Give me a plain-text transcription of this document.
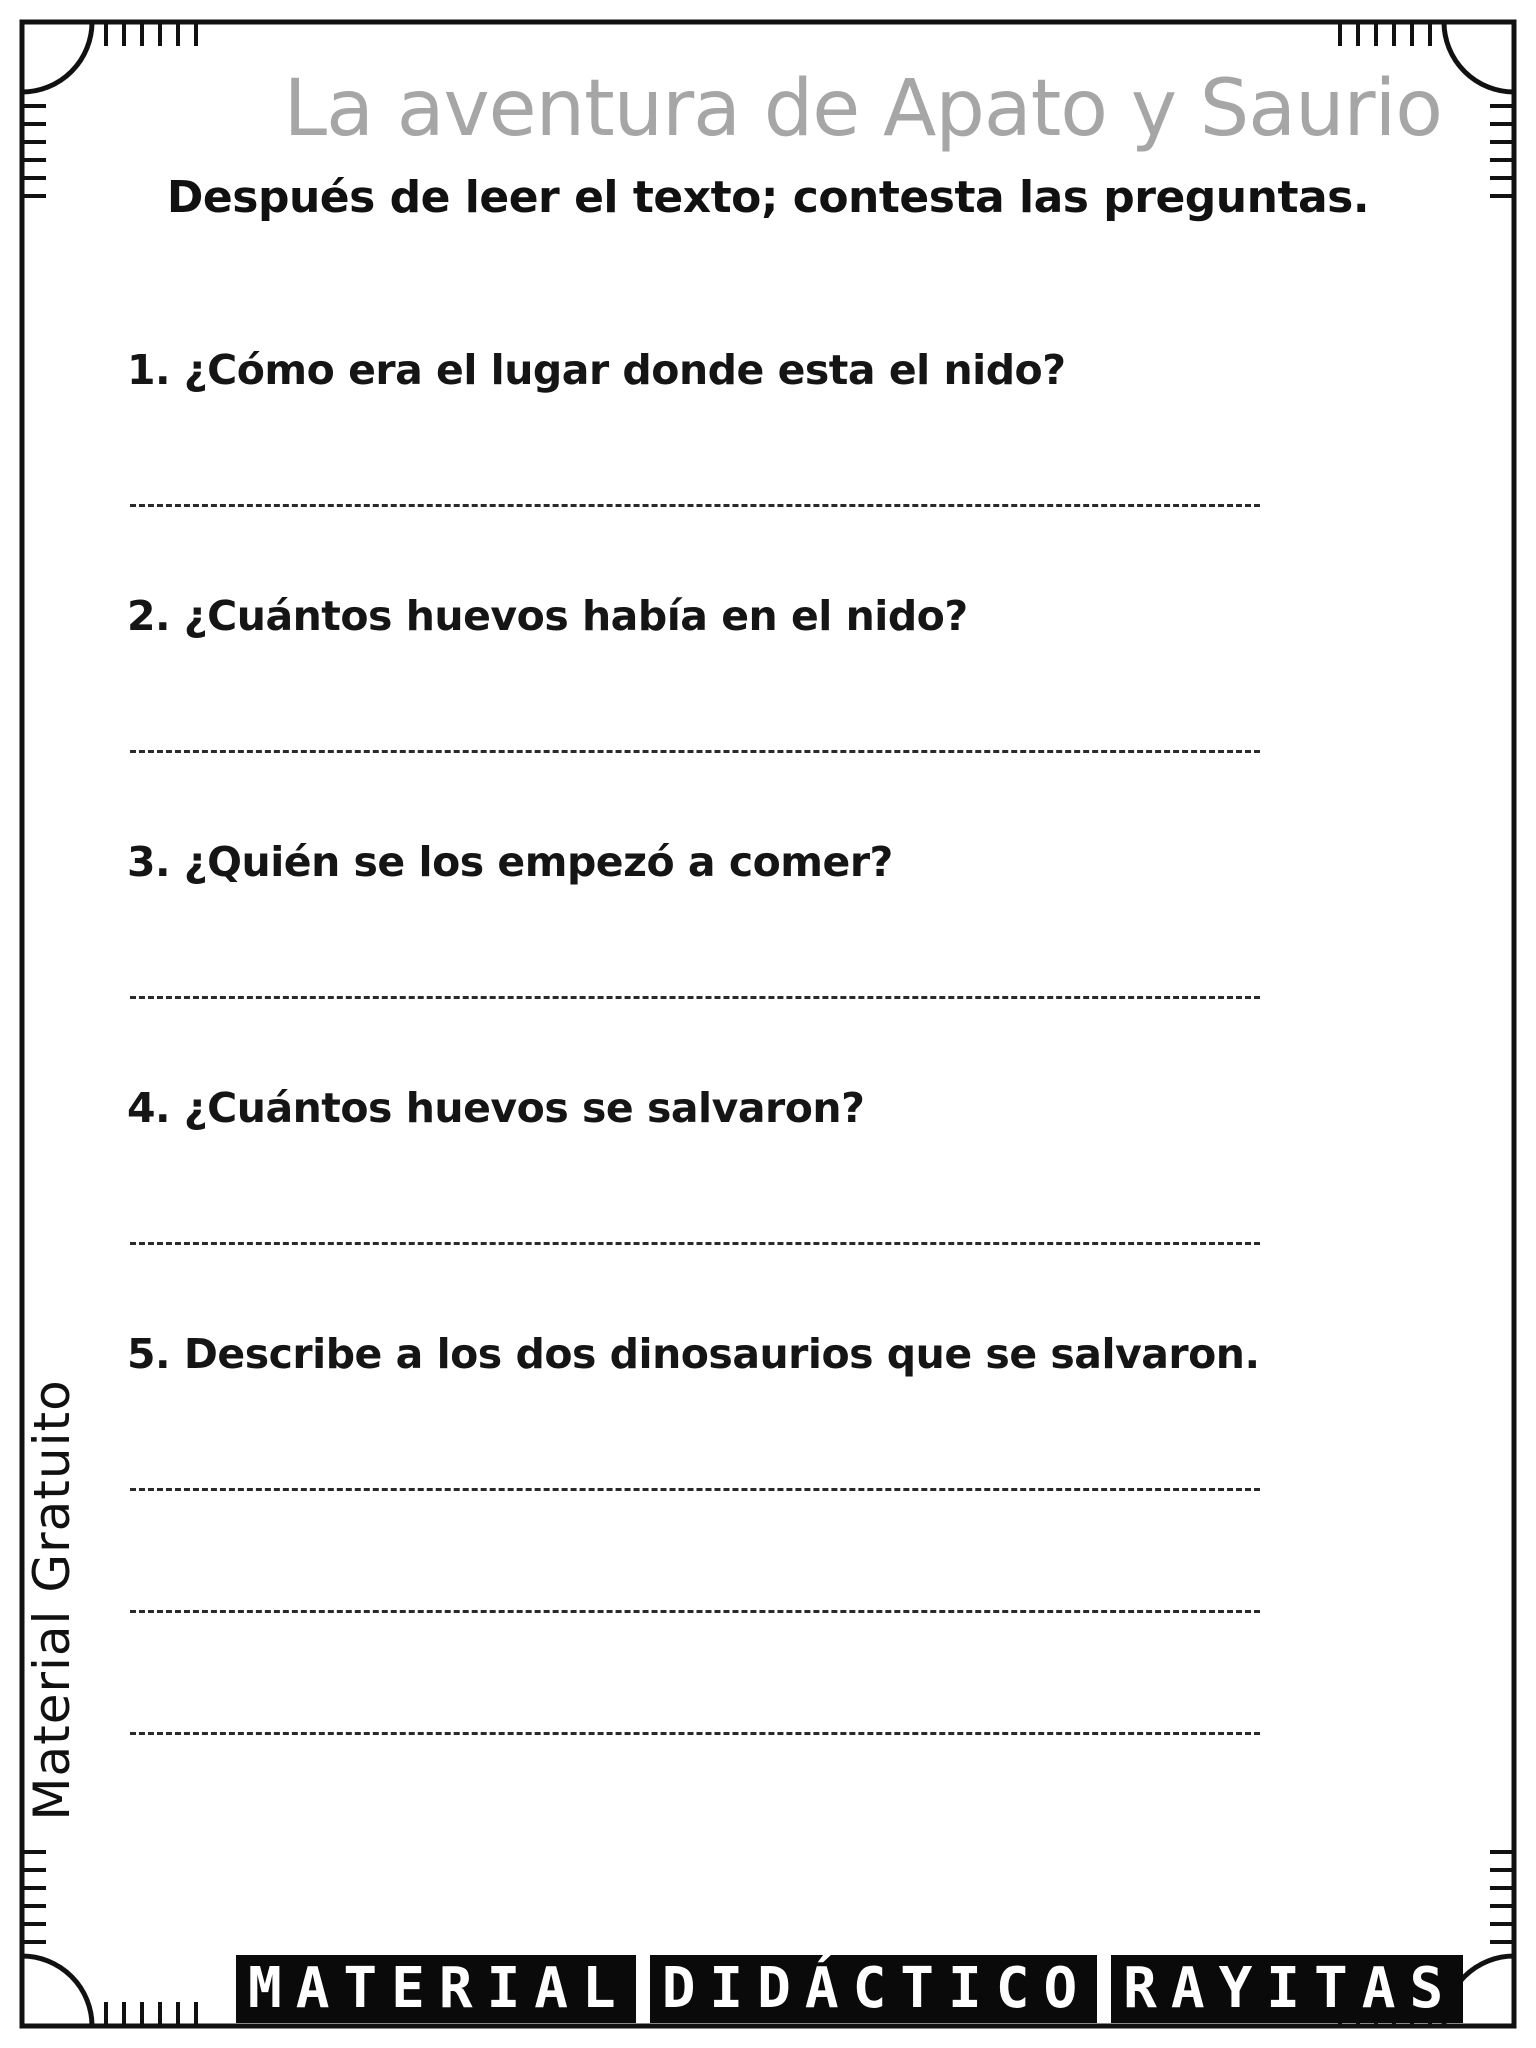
La aventura de Apato y Saurio
Después de leer el texto; contesta las preguntas.
1. ¿Cómo era el lugar donde esta el nido?
2. ¿Cuántos huevos había en el nido?
3. ¿Quién se los empezó a comer?
4. ¿Cuántos huevos se salvaron?
5. Describe a los dos dinosaurios que se salvaron.
Material Gratuito
MATERIAL DIDÁCTICO RAYITAS
